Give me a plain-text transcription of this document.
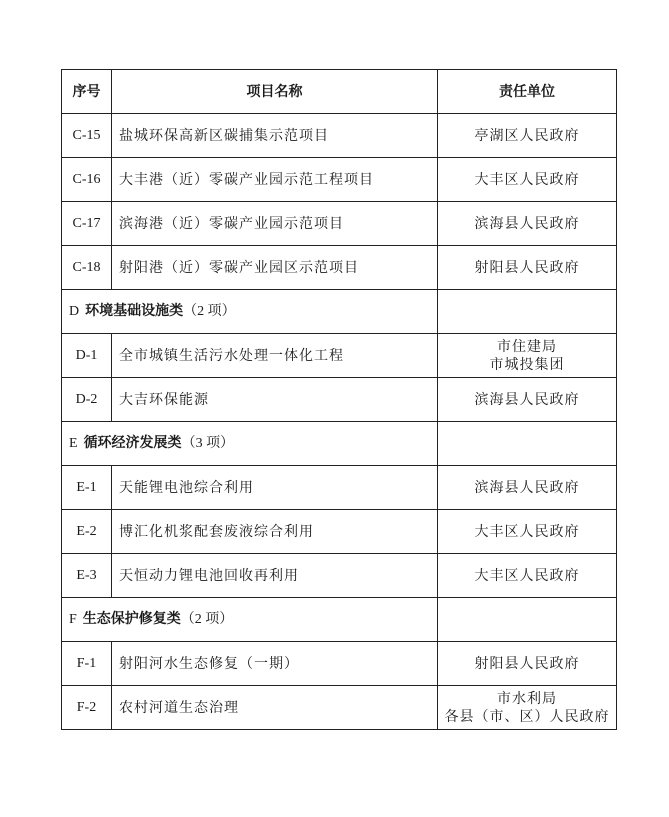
序号	项目名称	责任单位
C-15	盐城环保高新区碳捕集示范项目	亭湖区人民政府

C-16	大丰港（近）零碳产业园示范工程项目	大丰区人民政府

C-17	滨海港（近）零碳产业园示范项目	滨海县人民政府

C-18	射阳港（近）零碳产业园区示范项目	射阳县人民政府

D 环境基础设施类（2 项）		
D-1	全市城镇生活污水处理一体化工程	市住建局
市城投集团

D-2	大吉环保能源	滨海县人民政府

E 循环经济发展类（3 项）		
E-1	天能锂电池综合利用	滨海县人民政府

E-2	博汇化机浆配套废液综合利用	大丰区人民政府

E-3	天恒动力锂电池回收再利用	大丰区人民政府

F 生态保护修复类（2 项）		
F-1	射阳河水生态修复（一期）	射阳县人民政府

F-2	农村河道生态治理	市水利局
各县（市、区）人民政府
